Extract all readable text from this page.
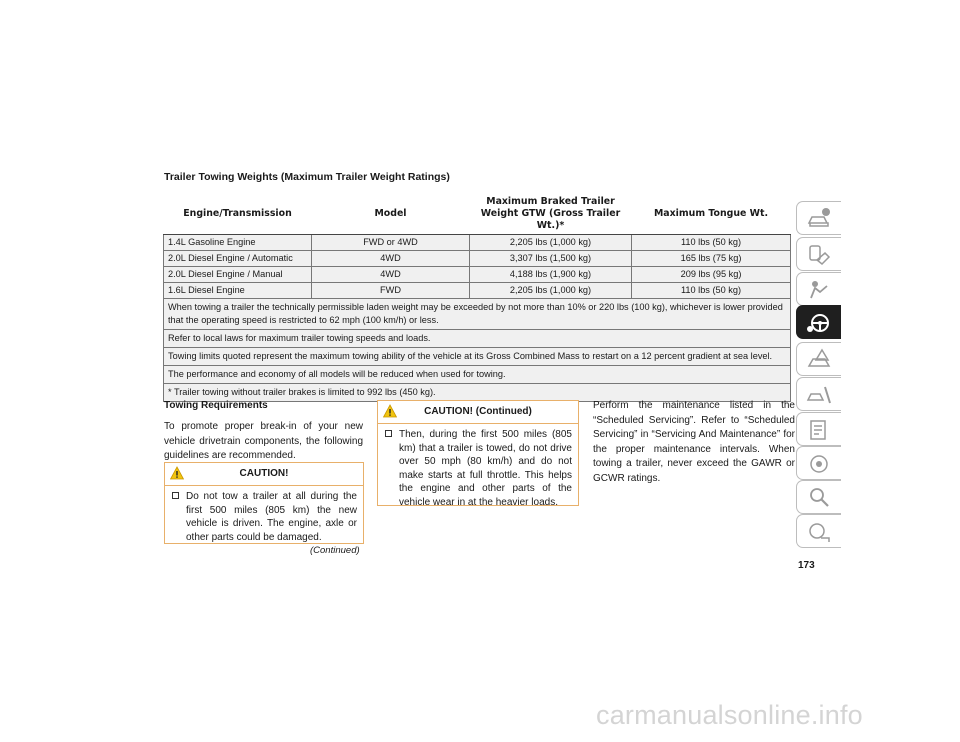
Trailer Towing Weights (Maximum Trailer Weight Ratings)
Engine/Transmission	Model	Maximum Braked Trailer Weight GTW (Gross Trailer Wt.)*	Maximum Tongue Wt.
1.4L Gasoline Engine	FWD or 4WD	2,205 lbs (1,000 kg)	110 lbs (50 kg)
2.0L Diesel Engine / Automatic	4WD	3,307 lbs (1,500 kg)	165 lbs (75 kg)
2.0L Diesel Engine / Manual	4WD	4,188 lbs (1,900 kg)	209 lbs (95 kg)
1.6L Diesel Engine	FWD	2,205 lbs (1,000 kg)	110 lbs (50 kg)
When towing a trailer the technically permissible laden weight may be exceeded by not more than 10% or 220 lbs (100 kg), whichever is lower provided that the operating speed is restricted to 62 mph (100 km/h) or less.			
Refer to local laws for maximum trailer towing speeds and loads.			
Towing limits quoted represent the maximum towing ability of the vehicle at its Gross Combined Mass to restart on a 12 percent gradient at sea level.			
The performance and economy of all models will be reduced when used for towing.			
* Trailer towing without trailer brakes is limited to 992 lbs (450 kg).			
Towing Requirements
To promote proper break-in of your new vehicle drivetrain components, the following guidelines are recommended.
CAUTION!
Do not tow a trailer at all during the first 500 miles (805 km) the new vehicle is driven. The engine, axle or other parts could be damaged.
(Continued)
CAUTION! (Continued)
Then, during the first 500 miles (805 km) that a trailer is towed, do not drive over 50 mph (80 km/h) and do not make starts at full throttle. This helps the engine and other parts of the vehicle wear in at the heavier loads.
Perform the maintenance listed in the “Scheduled Servicing”. Refer to “Scheduled Servicing” in “Servicing And Maintenance” for the proper maintenance intervals. When towing a trailer, never exceed the GAWR or GCWR ratings.
173
carmanualsonline.info
